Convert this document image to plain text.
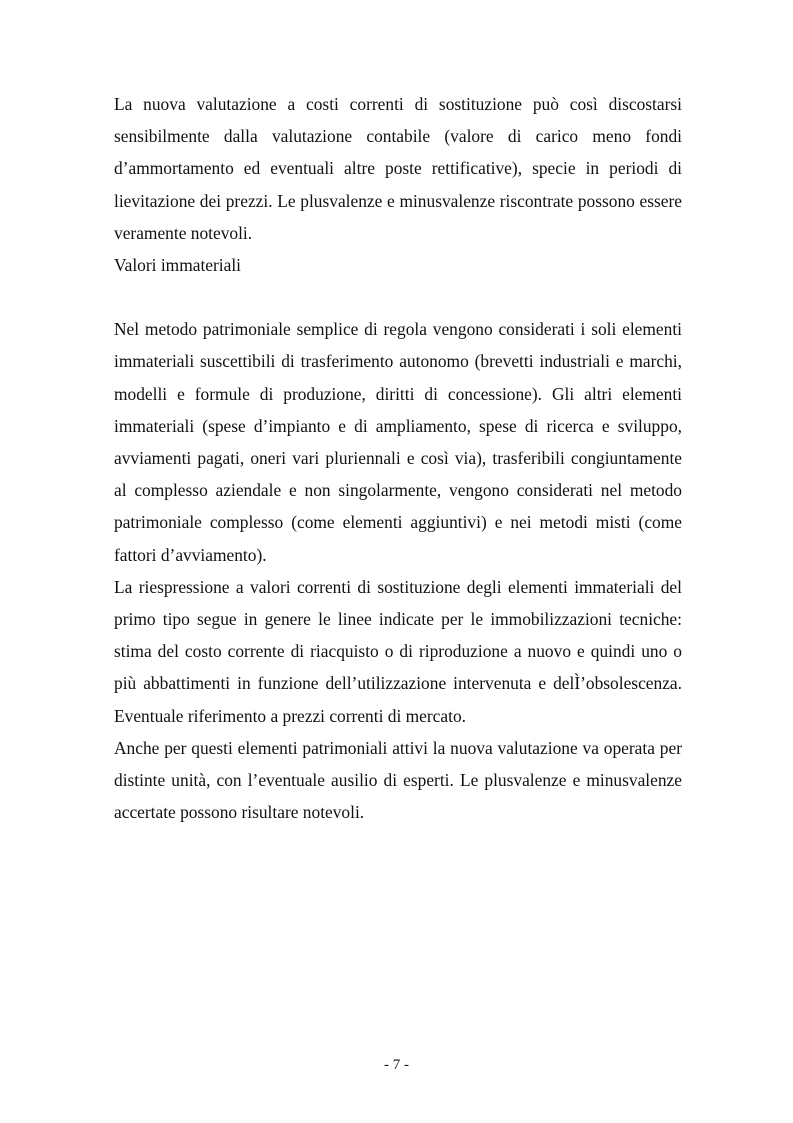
La nuova valutazione a costi correnti di sostituzione può così discostarsi sensibilmente dalla valutazione contabile (valore di carico meno fondi d’ammortamento ed eventuali altre poste rettificative), specie in periodi di lievitazione dei prezzi. Le plusvalenze e minusvalenze riscontrate possono essere veramente notevoli.

Valori immateriali

Nel metodo patrimoniale semplice di regola vengono considerati i soli elementi immateriali suscettibili di trasferimento autonomo (brevetti industriali e marchi, modelli e formule di produzione, diritti di concessione). Gli altri elementi immateriali (spese d’impianto e di ampliamento, spese di ricerca e sviluppo, avviamenti pagati, oneri vari pluriennali e così via), trasferibili congiuntamente al complesso aziendale e non singolarmente, vengono considerati nel metodo patrimoniale complesso (come elementi aggiuntivi) e nei metodi misti (come fattori d’avviamento).

La riespressione a valori correnti di sostituzione degli elementi immateriali del primo tipo segue in genere le linee indicate per le immobilizzazioni tecniche: stima del costo corrente di riacquisto o di riproduzione a nuovo e quindi uno o più abbattimenti in funzione dell’utilizzazione intervenuta e delÌ’obsolescenza. Eventuale riferimento a prezzi correnti di mercato.

Anche per questi elementi patrimoniali attivi la nuova valutazione va operata per distinte unità, con l’eventuale ausilio di esperti. Le plusvalenze e minusvalenze accertate possono risultare notevoli.

- 7 -
